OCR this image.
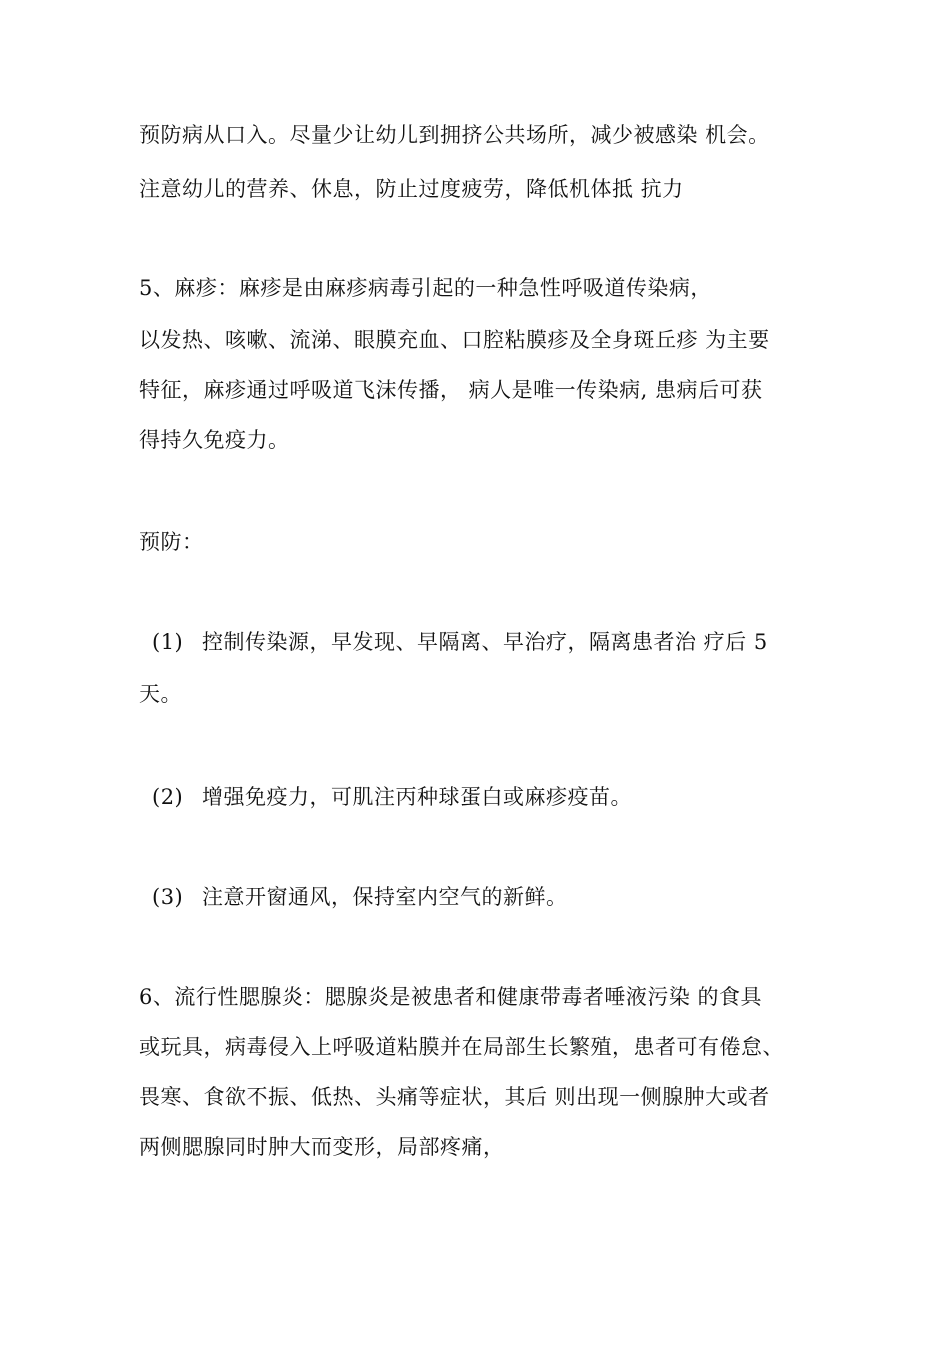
预防病从口入。尽量少让幼儿到拥挤公共场所，减少被感染 机会。
注意幼儿的营养、休息，防止过度疲劳，降低机体抵 抗力
5、麻疹：麻疹是由麻疹病毒引起的一种急性呼吸道传染病，
以发热、咳嗽、流涕、眼膜充血、口腔粘膜疹及全身斑丘疹 为主要
特征，麻疹通过呼吸道飞沫传播， 病人是唯一传染病, 患病后可获
得持久免疫力。
预防：
(1) 控制传染源，早发现、早隔离、早治疗，隔离患者治 疗后 5
天。
(2) 增强免疫力，可肌注丙种球蛋白或麻疹疫苗。
(3) 注意开窗通风，保持室内空气的新鲜。
6、流行性腮腺炎：腮腺炎是被患者和健康带毒者唾液污染 的食具
或玩具，病毒侵入上呼吸道粘膜并在局部生长繁殖，患者可有倦怠、
畏寒、食欲不振、低热、头痛等症状，其后 则出现一侧腺肿大或者
两侧腮腺同时肿大而变形，局部疼痛，
